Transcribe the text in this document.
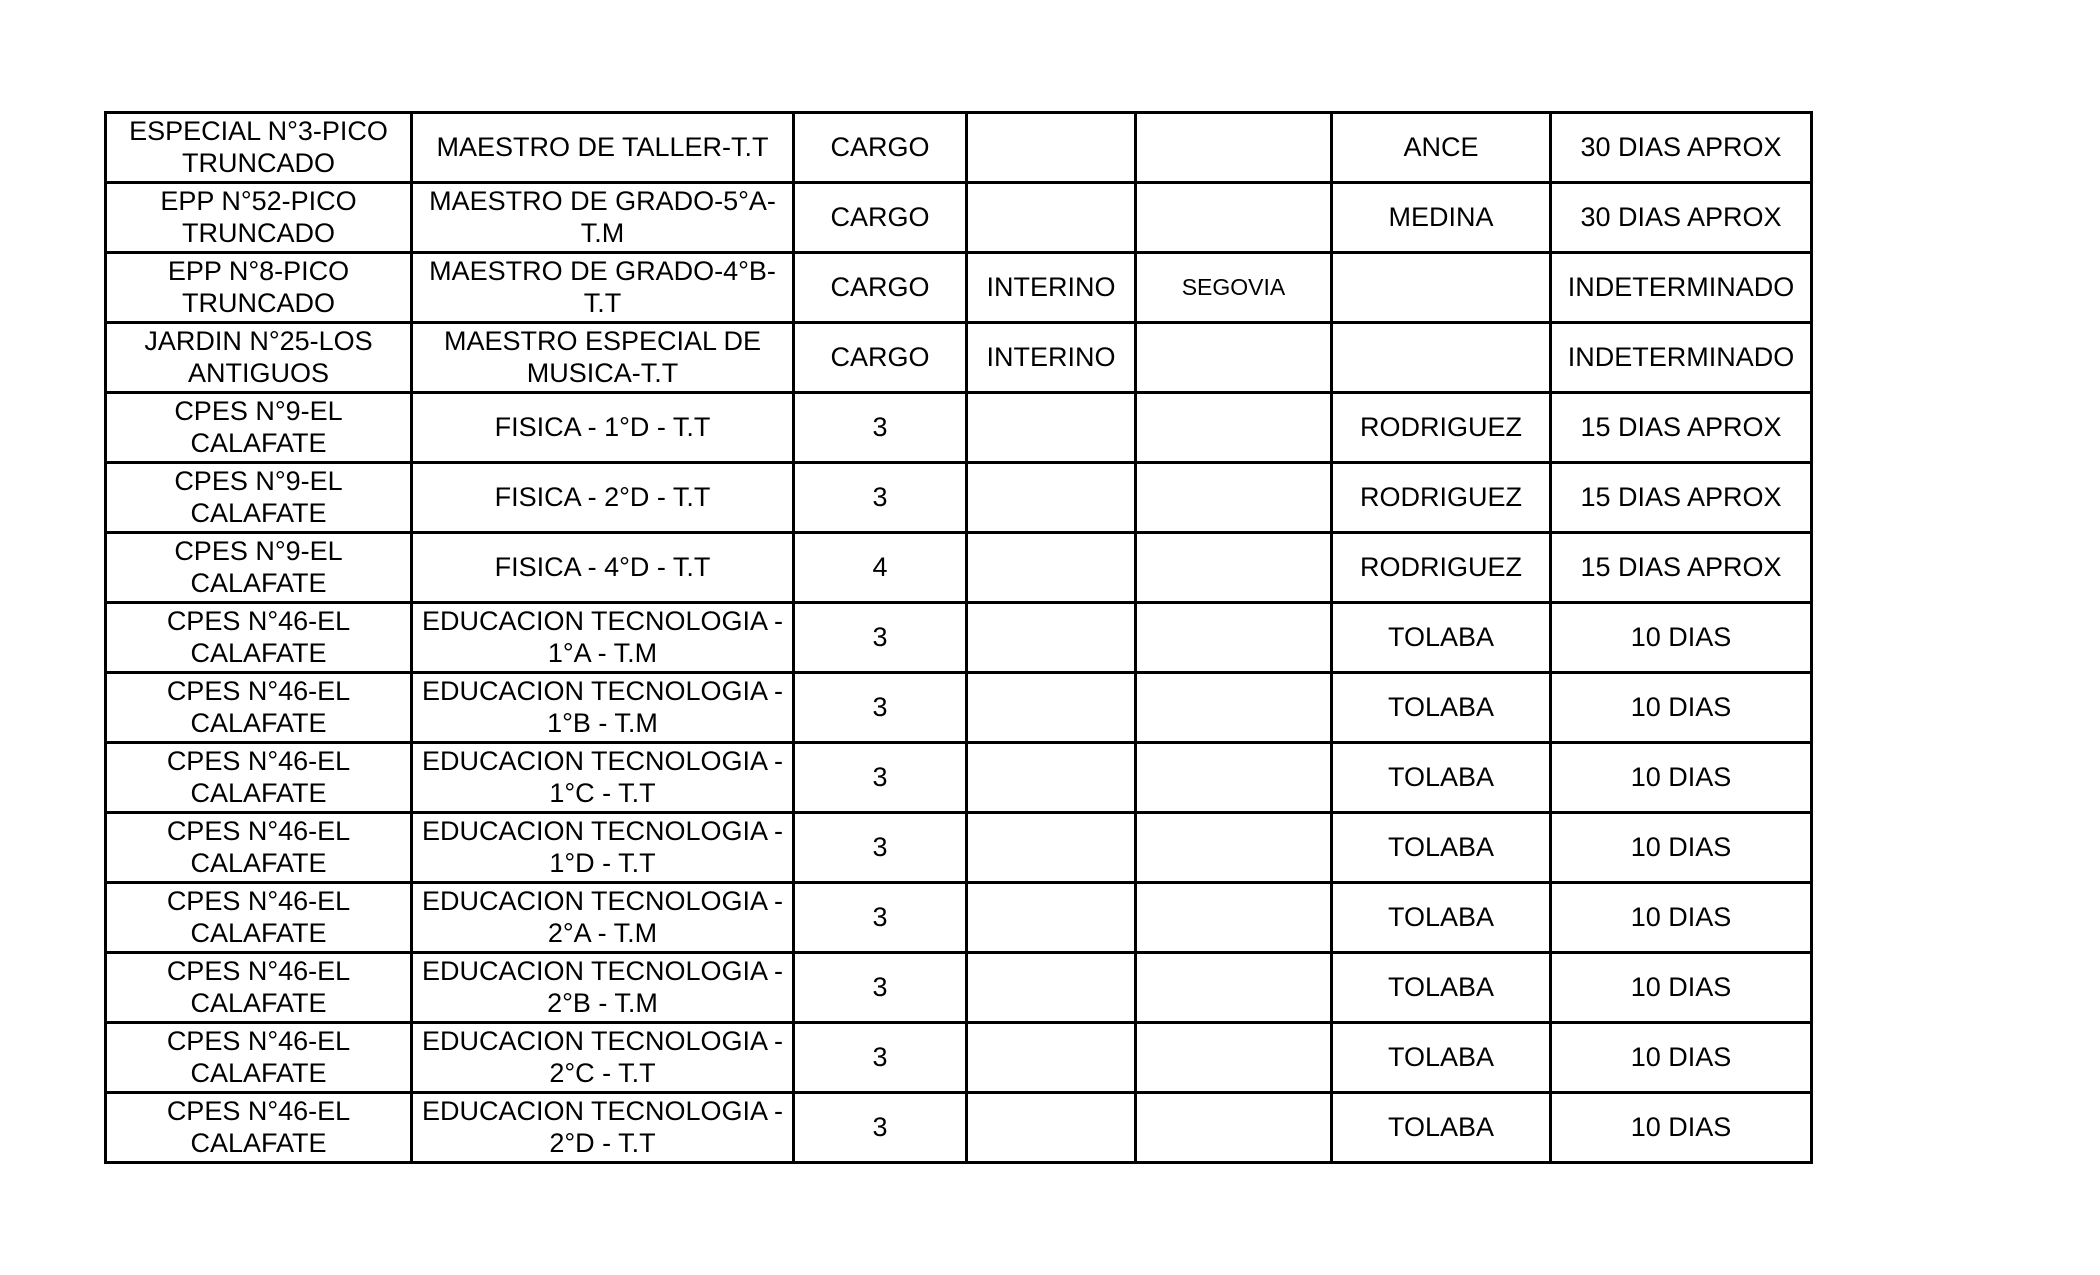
ESPECIAL N°3-PICO TRUNCADO	MAESTRO DE TALLER-T.T	CARGO			ANCE	30 DIAS APROX
EPP N°52-PICO TRUNCADO	MAESTRO DE GRADO-5°A-T.M	CARGO			MEDINA	30 DIAS APROX
EPP N°8-PICO TRUNCADO	MAESTRO DE GRADO-4°B-T.T	CARGO	INTERINO	SEGOVIA		INDETERMINADO
JARDIN N°25-LOS ANTIGUOS	MAESTRO ESPECIAL DE MUSICA-T.T	CARGO	INTERINO			INDETERMINADO
CPES N°9-EL CALAFATE	FISICA - 1°D - T.T	3			RODRIGUEZ	15 DIAS APROX
CPES N°9-EL CALAFATE	FISICA - 2°D - T.T	3			RODRIGUEZ	15 DIAS APROX
CPES N°9-EL CALAFATE	FISICA - 4°D - T.T	4			RODRIGUEZ	15 DIAS APROX
CPES N°46-EL CALAFATE	EDUCACION TECNOLOGIA - 1°A - T.M	3			TOLABA	10 DIAS
CPES N°46-EL CALAFATE	EDUCACION TECNOLOGIA - 1°B - T.M	3			TOLABA	10 DIAS
CPES N°46-EL CALAFATE	EDUCACION TECNOLOGIA - 1°C - T.T	3			TOLABA	10 DIAS
CPES N°46-EL CALAFATE	EDUCACION TECNOLOGIA - 1°D - T.T	3			TOLABA	10 DIAS
CPES N°46-EL CALAFATE	EDUCACION TECNOLOGIA - 2°A - T.M	3			TOLABA	10 DIAS
CPES N°46-EL CALAFATE	EDUCACION TECNOLOGIA - 2°B - T.M	3			TOLABA	10 DIAS
CPES N°46-EL CALAFATE	EDUCACION TECNOLOGIA - 2°C - T.T	3			TOLABA	10 DIAS
CPES N°46-EL CALAFATE	EDUCACION TECNOLOGIA - 2°D - T.T	3			TOLABA	10 DIAS
